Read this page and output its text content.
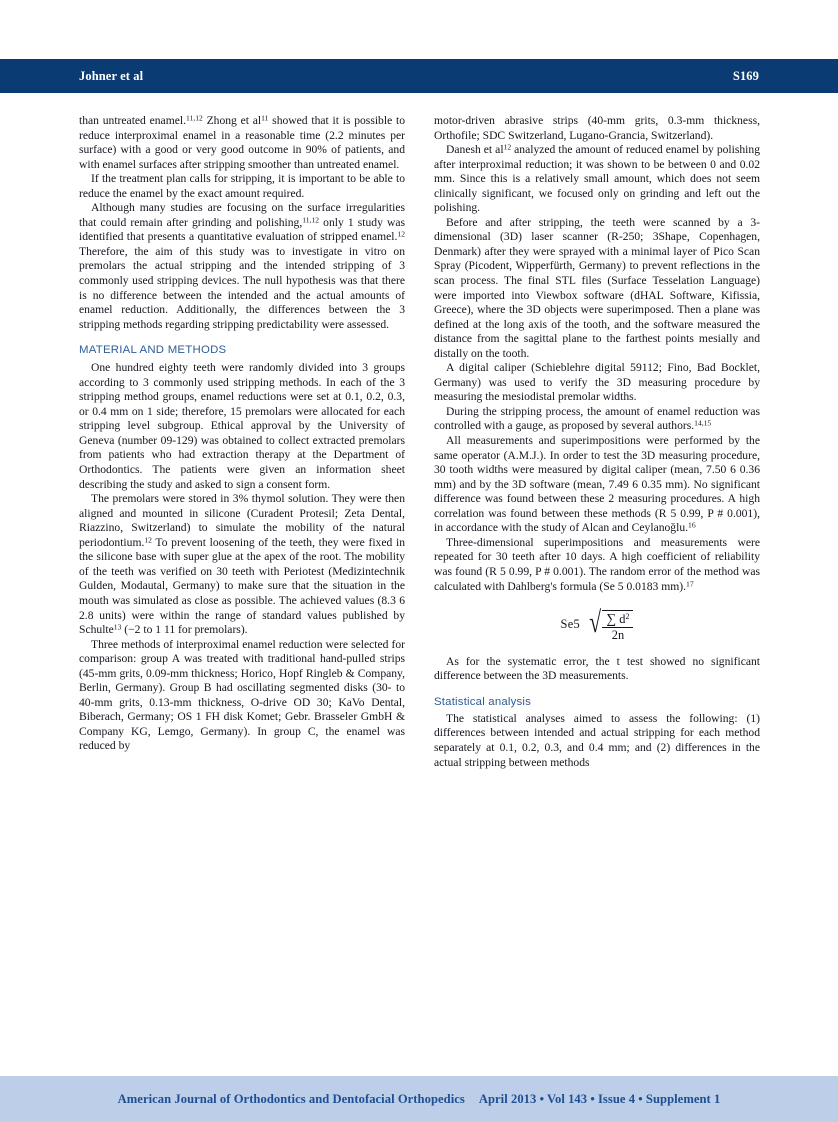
Johner et al	S169

than untreated enamel.$^{11,12}$ Zhong et $al^{11}$ showed that it is possible to reduce interproximal enamel in a reasonable time (2.2 minutes per surface) with a good or very good outcome in 90% of patients, and with enamel surfaces after stripping smoother than untreated enamel.

If the treatment plan calls for stripping, it is important to be able to reduce the enamel by the exact amount required.

Although many studies are focusing on the surface irregularities that could remain after grinding and polishing,$^{11,12}$ only 1 study was identified that presents a quantitative evaluation of stripped enamel.$^{12}$ Therefore, the aim of this study was to investigate in vitro on premolars the actual stripping and the intended stripping of 3 commonly used stripping devices. The null hypothesis was that there is no difference between the intended and the actual amounts of enamel reduction. Additionally, the differences between the 3 stripping methods regarding stripping predictability were assessed.

MATERIAL AND METHODS

One hundred eighty teeth were randomly divided into 3 groups according to 3 commonly used stripping methods. In each of the 3 stripping method groups, enamel reductions were set at 0.1, 0.2, 0.3, or 0.4 mm on 1 side; therefore, 15 premolars were allocated for each stripping level subgroup. Ethical approval by the University of Geneva (number 09-129) was obtained to collect extracted premolars from patients who had extraction therapy at the Department of Orthodontics. The patients were given an information sheet describing the study and asked to sign a consent form.

The premolars were stored in 3% thymol solution. They were then aligned and mounted in silicone (Curadent Protesil; Zeta Dental, Riazzino, Switzerland) to simulate the mobility of the natural periodontium.$^{12}$ To prevent loosening of the teeth, they were fixed in the silicone base with super glue at the apex of the root. The mobility of the teeth was verified on 30 teeth with Periotest (Medizintechnik Gulden, Modautal, Germany) to make sure that the situation in the mouth was simulated as close as possible. The achieved values (8.3 6 2.8 units) were within the range of standard values published by Schulte$^{13}$ (−2 to 1 11 for premolars).

Three methods of interproximal enamel reduction were selected for comparison: group A was treated with traditional hand-pulled strips (45-mm grits, 0.09-mm thickness; Horico, Hopf Ringleb & Company, Berlin, Germany). Group B had oscillating segmented disks (30- to 40-mm grits, 0.13-mm thickness, O-drive OD 30; KaVo Dental, Biberach, Germany; OS 1 FH disk Komet; Gebr. Brasseler GmbH & Company KG, Lemgo, Germany). In group C, the enamel was reduced by

motor-driven abrasive strips (40-mm grits, 0.3-mm thickness, Orthofile; SDC Switzerland, Lugano-Grancia, Switzerland).

Danesh et $al^{12}$ analyzed the amount of reduced enamel by polishing after interproximal reduction; it was shown to be between 0 and 0.02 mm. Since this is a relatively small amount, which does not seem clinically significant, we focused only on grinding and left out the polishing.

Before and after stripping, the teeth were scanned by a 3-dimensional (3D) laser scanner (R-250; 3Shape, Copenhagen, Denmark) after they were sprayed with a minimal layer of Pico Scan Spray (Picodent, Wipperfürth, Germany) to prevent reflections in the scan process. The final STL files (Surface Tesselation Language) were imported into Viewbox software (dHAL Software, Kifissia, Greece), where the 3D objects were superimposed. Then a plane was defined at the long axis of the tooth, and the software measured the distance from the sagittal plane to the farthest points mesially and distally on the tooth.

A digital caliper (Schieblehre digital 59112; Fino, Bad Bocklet, Germany) was used to verify the 3D measuring procedure by measuring the mesiodistal premolar widths.

During the stripping process, the amount of enamel reduction was controlled with a gauge, as proposed by several authors.$^{14,15}$

All measurements and superimpositions were performed by the same operator (A.M.J.). In order to test the 3D measuring procedure, 30 tooth widths were measured by digital caliper (mean, 7.50 6 0.36 mm) and by the 3D software (mean, 7.49 6 0.35 mm). No significant difference was found between these 2 measuring procedures. A high correlation was found between these methods (R 5 0.99, P # 0.001), in accordance with the study of Alcan and Ceylanoğlu.$^{16}$

Three-dimensional superimpositions and measurements were repeated for 30 teeth after 10 days. A high coefficient of reliability was found (R 5 0.99, P # 0.001). The random error of the method was calculated with Dahlberg's formula (Se 5 0.0183 mm).$^{17}$

Se5 √ $\frac{\sum d^2}{2n}$

As for the systematic error, the t test showed no significant difference between the 3D measurements.

Statistical analysis

The statistical analyses aimed to assess the following: (1) differences between intended and actual stripping for each method separately at 0.1, 0.2, 0.3, and 0.4 mm; and (2) differences in the actual stripping between methods

American Journal of Orthodontics and Dentofacial Orthopedics April 2013 • Vol 143 • Issue 4 • Supplement 1
